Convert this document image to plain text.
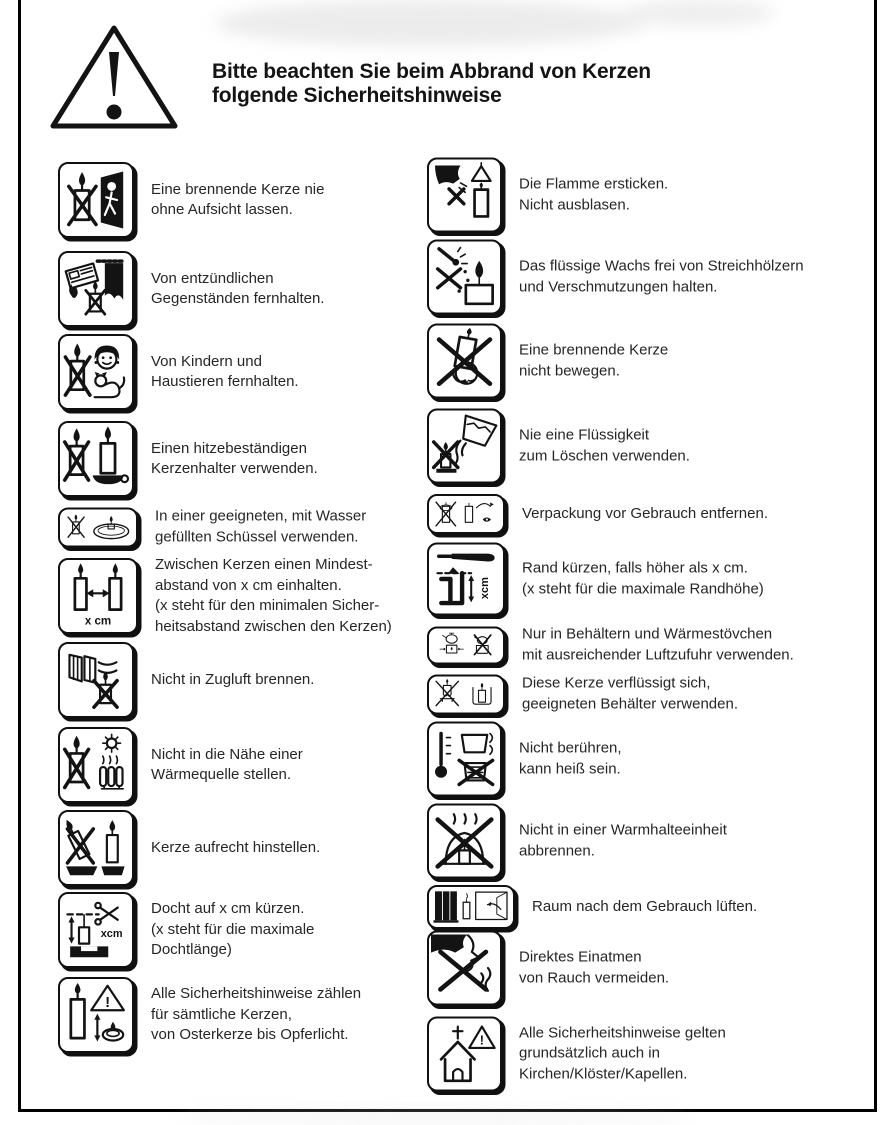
Bitte beachten Sie beim Abbrand von Kerzen
folgende Sicherheitshinweise
Eine brennende Kerze nie
ohne Aufsicht lassen.
Von entzündlichen
Gegenständen fernhalten.
Von Kindern und
Haustieren fernhalten.
Einen hitzebeständigen
Kerzenhalter verwenden.
In einer geeigneten, mit Wasser
gefüllten Schüssel verwenden.
Zwischen Kerzen einen Mindest-
abstand von x cm einhalten.
(x steht für den minimalen Sicher-
heitsabstand zwischen den Kerzen)
Nicht in Zugluft brennen.
Nicht in die Nähe einer
Wärmequelle stellen.
Kerze aufrecht hinstellen.
Docht auf x cm kürzen.
(x steht für die maximale
Dochtlänge)
Alle Sicherheitshinweise zählen
für sämtliche Kerzen,
von Osterkerze bis Opferlicht.
Die Flamme ersticken.
Nicht ausblasen.
Das flüssige Wachs frei von Streichhölzern
und Verschmutzungen halten.
Eine brennende Kerze
nicht bewegen.
Nie eine Flüssigkeit
zum Löschen verwenden.
Verpackung vor Gebrauch entfernen.
Rand kürzen, falls höher als x cm.
(x steht für die maximale Randhöhe)
Nur in Behältern und Wärmestövchen
mit ausreichender Luftzufuhr verwenden.
Diese Kerze verflüssigt sich,
geeigneten Behälter verwenden.
Nicht berühren,
kann heiß sein.
Nicht in einer Warmhalteeinheit
abbrennen.
Raum nach dem Gebrauch lüften.
Direktes Einatmen
von Rauch vermeiden.
Alle Sicherheitshinweise gelten
grundsätzlich auch in
Kirchen/Klöster/Kapellen.
